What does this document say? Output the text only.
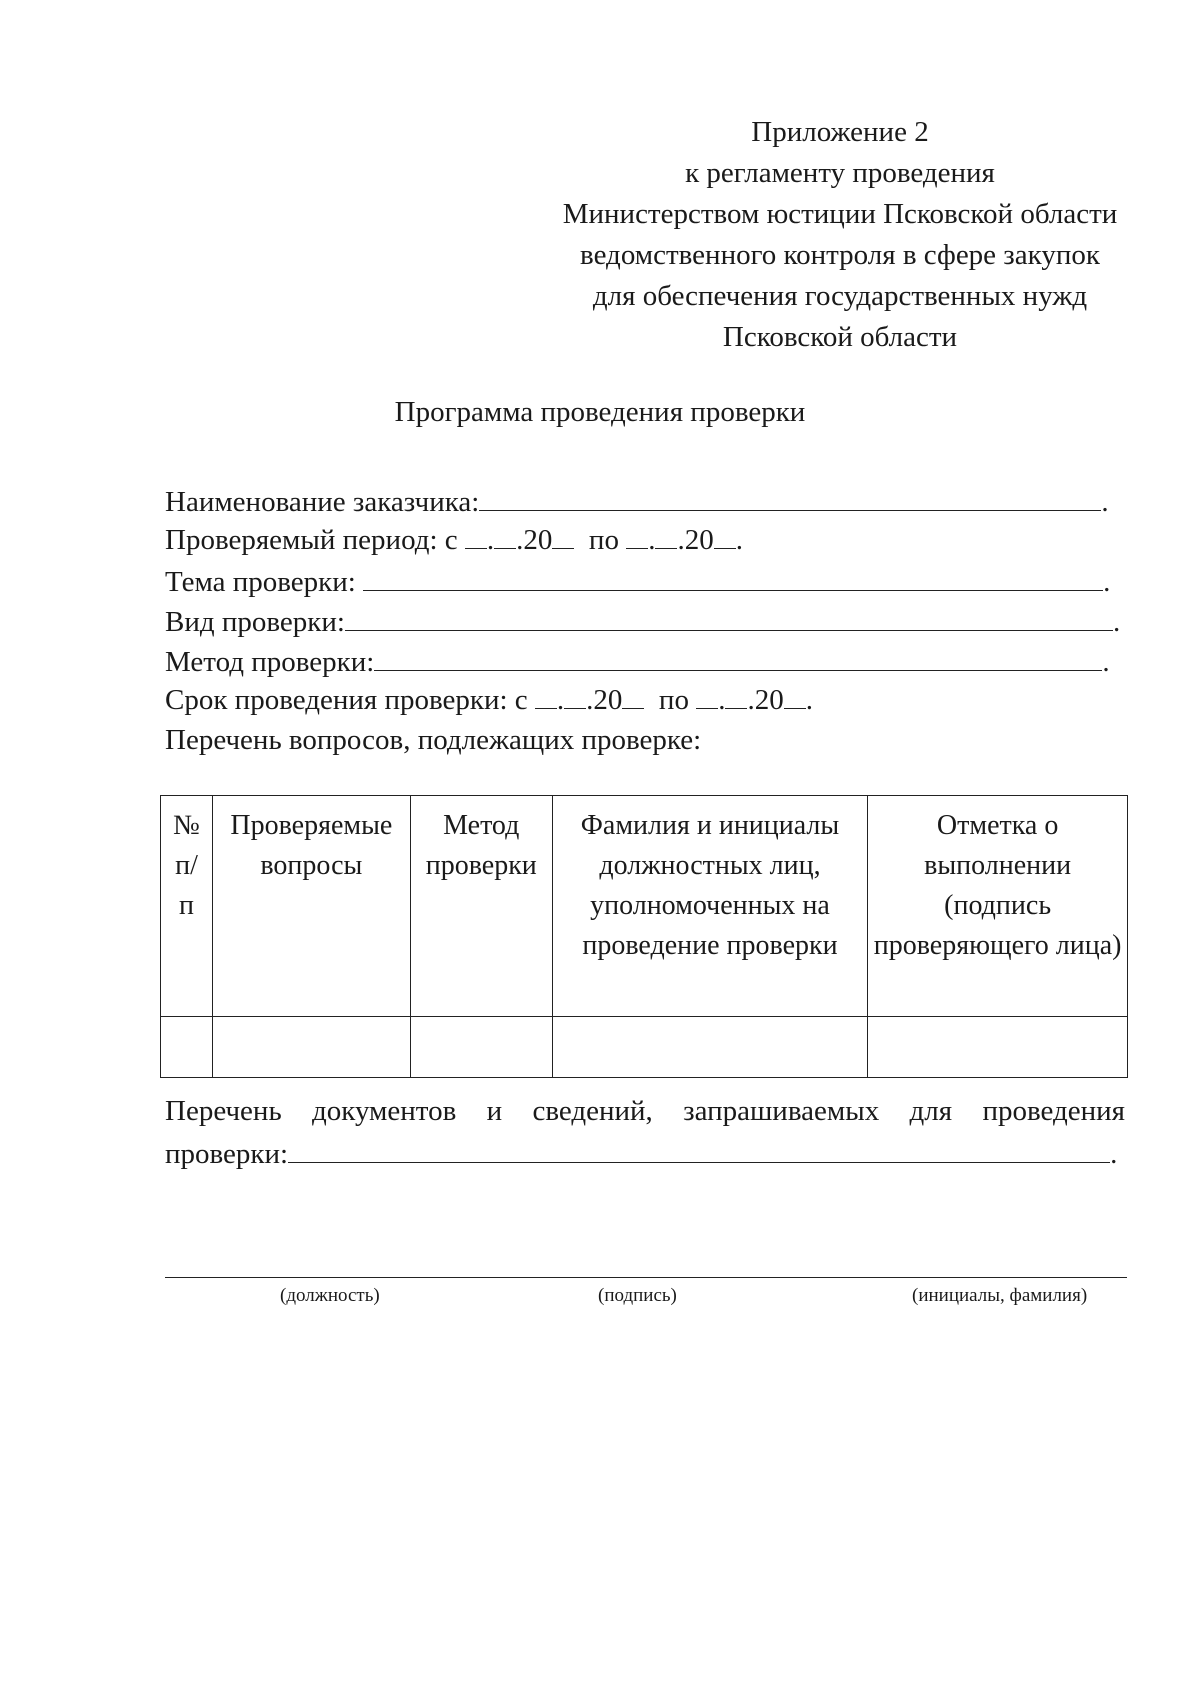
Приложение 2
к регламенту проведения
Министерством юстиции Псковской области
ведомственного контроля в сфере закупок
для обеспечения государственных нужд
Псковской области
Программа проведения проверки
Наименование заказчика:	.
Проверяемый период: с . .20 по . .20 .
Тема проверки:	.
Вид проверки:	.
Метод проверки:	.
Срок проведения проверки: с . .20 по . .20 .
Перечень вопросов, подлежащих проверке:
№ п/ п	Проверяемые вопросы	Метод проверки	Фамилия и инициалы должностных лиц, уполномоченных на проведение проверки	Отметка о выполнении (подпись проверяющего лица)

Перечень документов и сведений, запрашиваемых для проведения
проверки:	.
(должность)	(подпись)	(инициалы, фамилия)
